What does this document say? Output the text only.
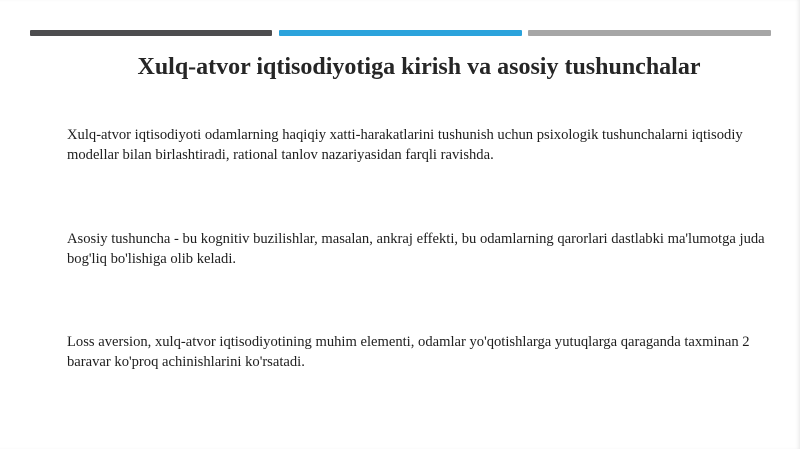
Xulq-atvor iqtisodiyotiga kirish va asosiy tushunchalar

Xulq-atvor iqtisodiyoti odamlarning haqiqiy xatti-harakatlarini tushunish uchun psixologik tushunchalarni iqtisodiy modellar bilan birlashtiradi, rational tanlov nazariyasidan farqli ravishda.

Asosiy tushuncha - bu kognitiv buzilishlar, masalan, ankraj effekti, bu odamlarning qarorlari dastlabki ma'lumotga juda bog'liq bo'lishiga olib keladi.

Loss aversion, xulq-atvor iqtisodiyotining muhim elementi, odamlar yo'qotishlarga yutuqlarga qaraganda taxminan 2 baravar ko'proq achinishlarini ko'rsatadi.
